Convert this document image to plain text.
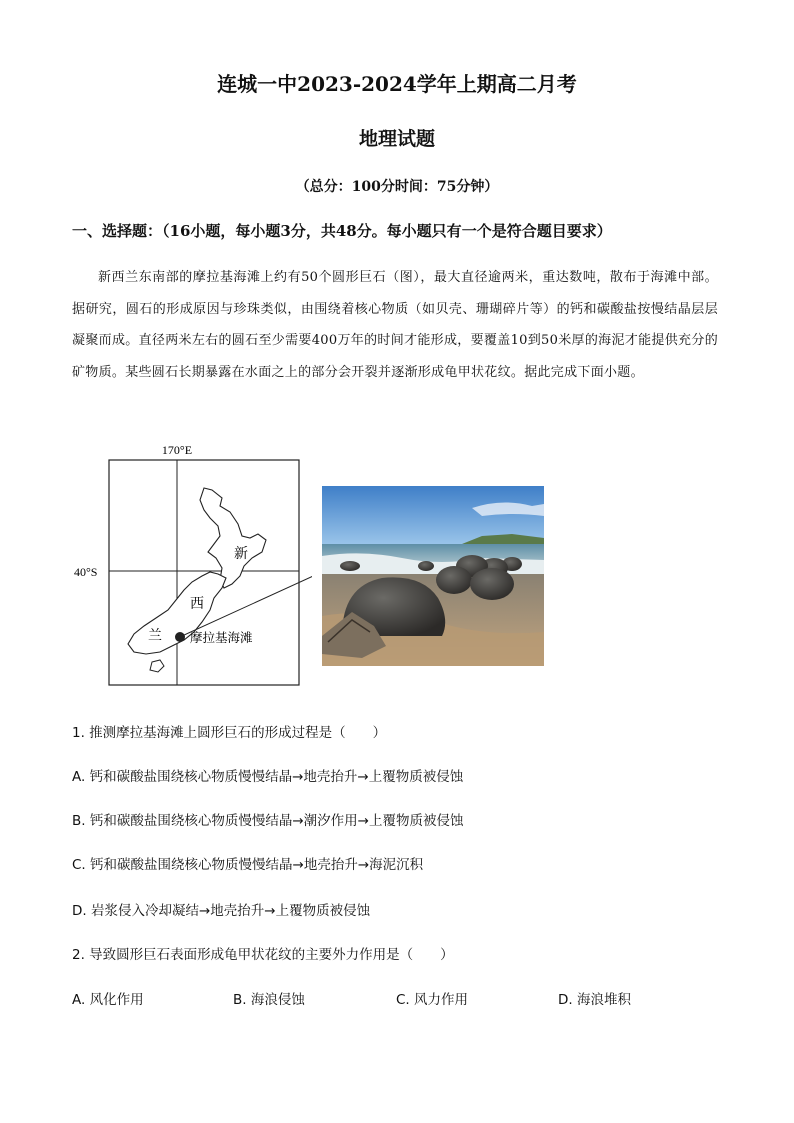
连城一中2023-2024学年上期高二月考
地理试题
（总分：100分时间：75分钟）
一、选择题：（16小题，每小题3分，共48分。每小题只有一个是符合题目要求）
新西兰东南部的摩拉基海滩上约有50个圆形巨石（图），最大直径逾两米，重达数吨，散布于海滩中部。据研究，圆石的形成原因与珍珠类似，由围绕着核心物质（如贝壳、珊瑚碎片等）的钙和碳酸盐按慢结晶层层凝聚而成。直径两米左右的圆石至少需要400万年的时间才能形成，要覆盖10到50米厚的海泥才能提供充分的矿物质。某些圆石长期暴露在水面之上的部分会开裂并逐渐形成龟甲状花纹。据此完成下面小题。
170°E
40°S
新
西
兰 摩拉基海滩
1. 推测摩拉基海滩上圆形巨石的形成过程是（　　）
A. 钙和碳酸盐围绕核心物质慢慢结晶→地壳抬升→上覆物质被侵蚀
B. 钙和碳酸盐围绕核心物质慢慢结晶→潮汐作用→上覆物质被侵蚀
C. 钙和碳酸盐围绕核心物质慢慢结晶→地壳抬升→海泥沉积
D. 岩浆侵入冷却凝结→地壳抬升→上覆物质被侵蚀
2. 导致圆形巨石表面形成龟甲状花纹的主要外力作用是（　　）
A. 风化作用	B. 海浪侵蚀	C. 风力作用	D. 海浪堆积
